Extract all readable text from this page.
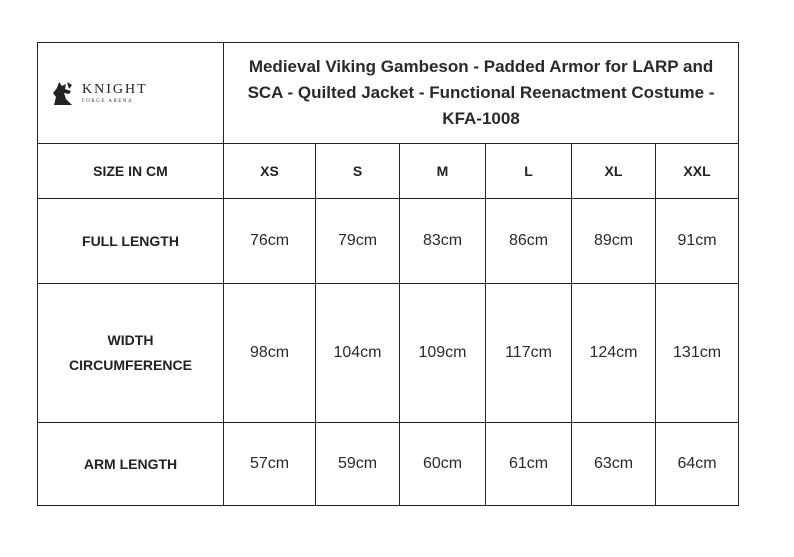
KNIGHT
FORGE ARENA	Medieval Viking Gambeson - Padded Armor for LARP and SCA - Quilted Jacket - Functional Reenactment Costume - KFA-1008					
SIZE IN CM	XS	S	M	L	XL	XXL
FULL LENGTH	76cm	79cm	83cm	86cm	89cm	91cm

WIDTH
CIRCUMFERENCE	98cm	104cm	109cm	117cm	124cm	131cm
ARM LENGTH	57cm	59cm	60cm	61cm	63cm	64cm
